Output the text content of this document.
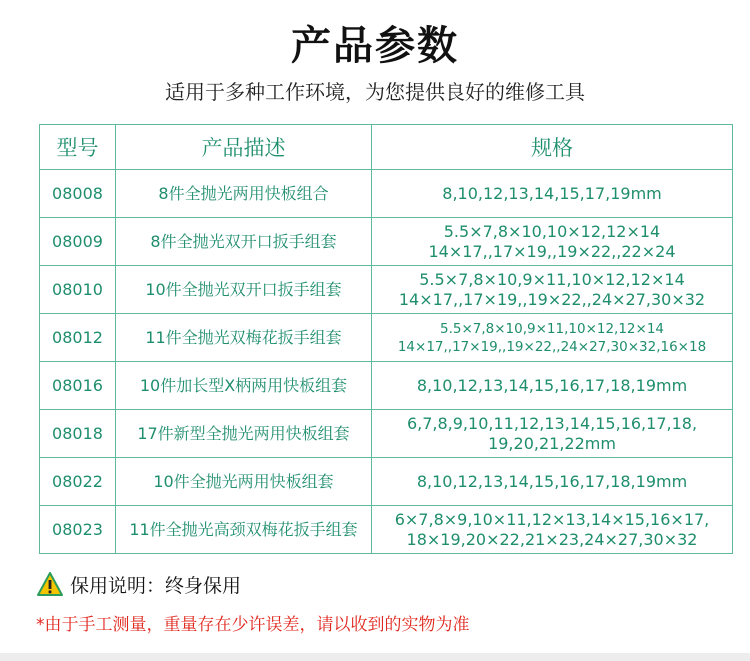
产品参数
适用于多种工作环境，为您提供良好的维修工具
型号	产品描述	规格
08008	8件全抛光两用快板组合	8,10,12,13,14,15,17,19mm

08009	8件全抛光双开口扳手组套	5.5×7,8×10,10×12,12×14
14×17,,17×19,,19×22,,22×24

08010	10件全抛光双开口扳手组套	5.5×7,8×10,9×11,10×12,12×14
14×17,,17×19,,19×22,,24×27,30×32

08012	11件全抛光双梅花扳手组套	5.5×7,8×10,9×11,10×12,12×14
14×17,,17×19,,19×22,,24×27,30×32,16×18

08016	10件加长型X柄两用快板组套	8,10,12,13,14,15,16,17,18,19mm

08018	17件新型全抛光两用快板组套	6,7,8,9,10,11,12,13,14,15,16,17,18,
19,20,21,22mm

08022	10件全抛光两用快板组套	8,10,12,13,14,15,16,17,18,19mm

08023	11件全抛光高颈双梅花扳手组套	6×7,8×9,10×11,12×13,14×15,16×17,
18×19,20×22,21×23,24×27,30×32
保用说明：终身保用
*由于手工测量，重量存在少许误差，请以收到的实物为准
